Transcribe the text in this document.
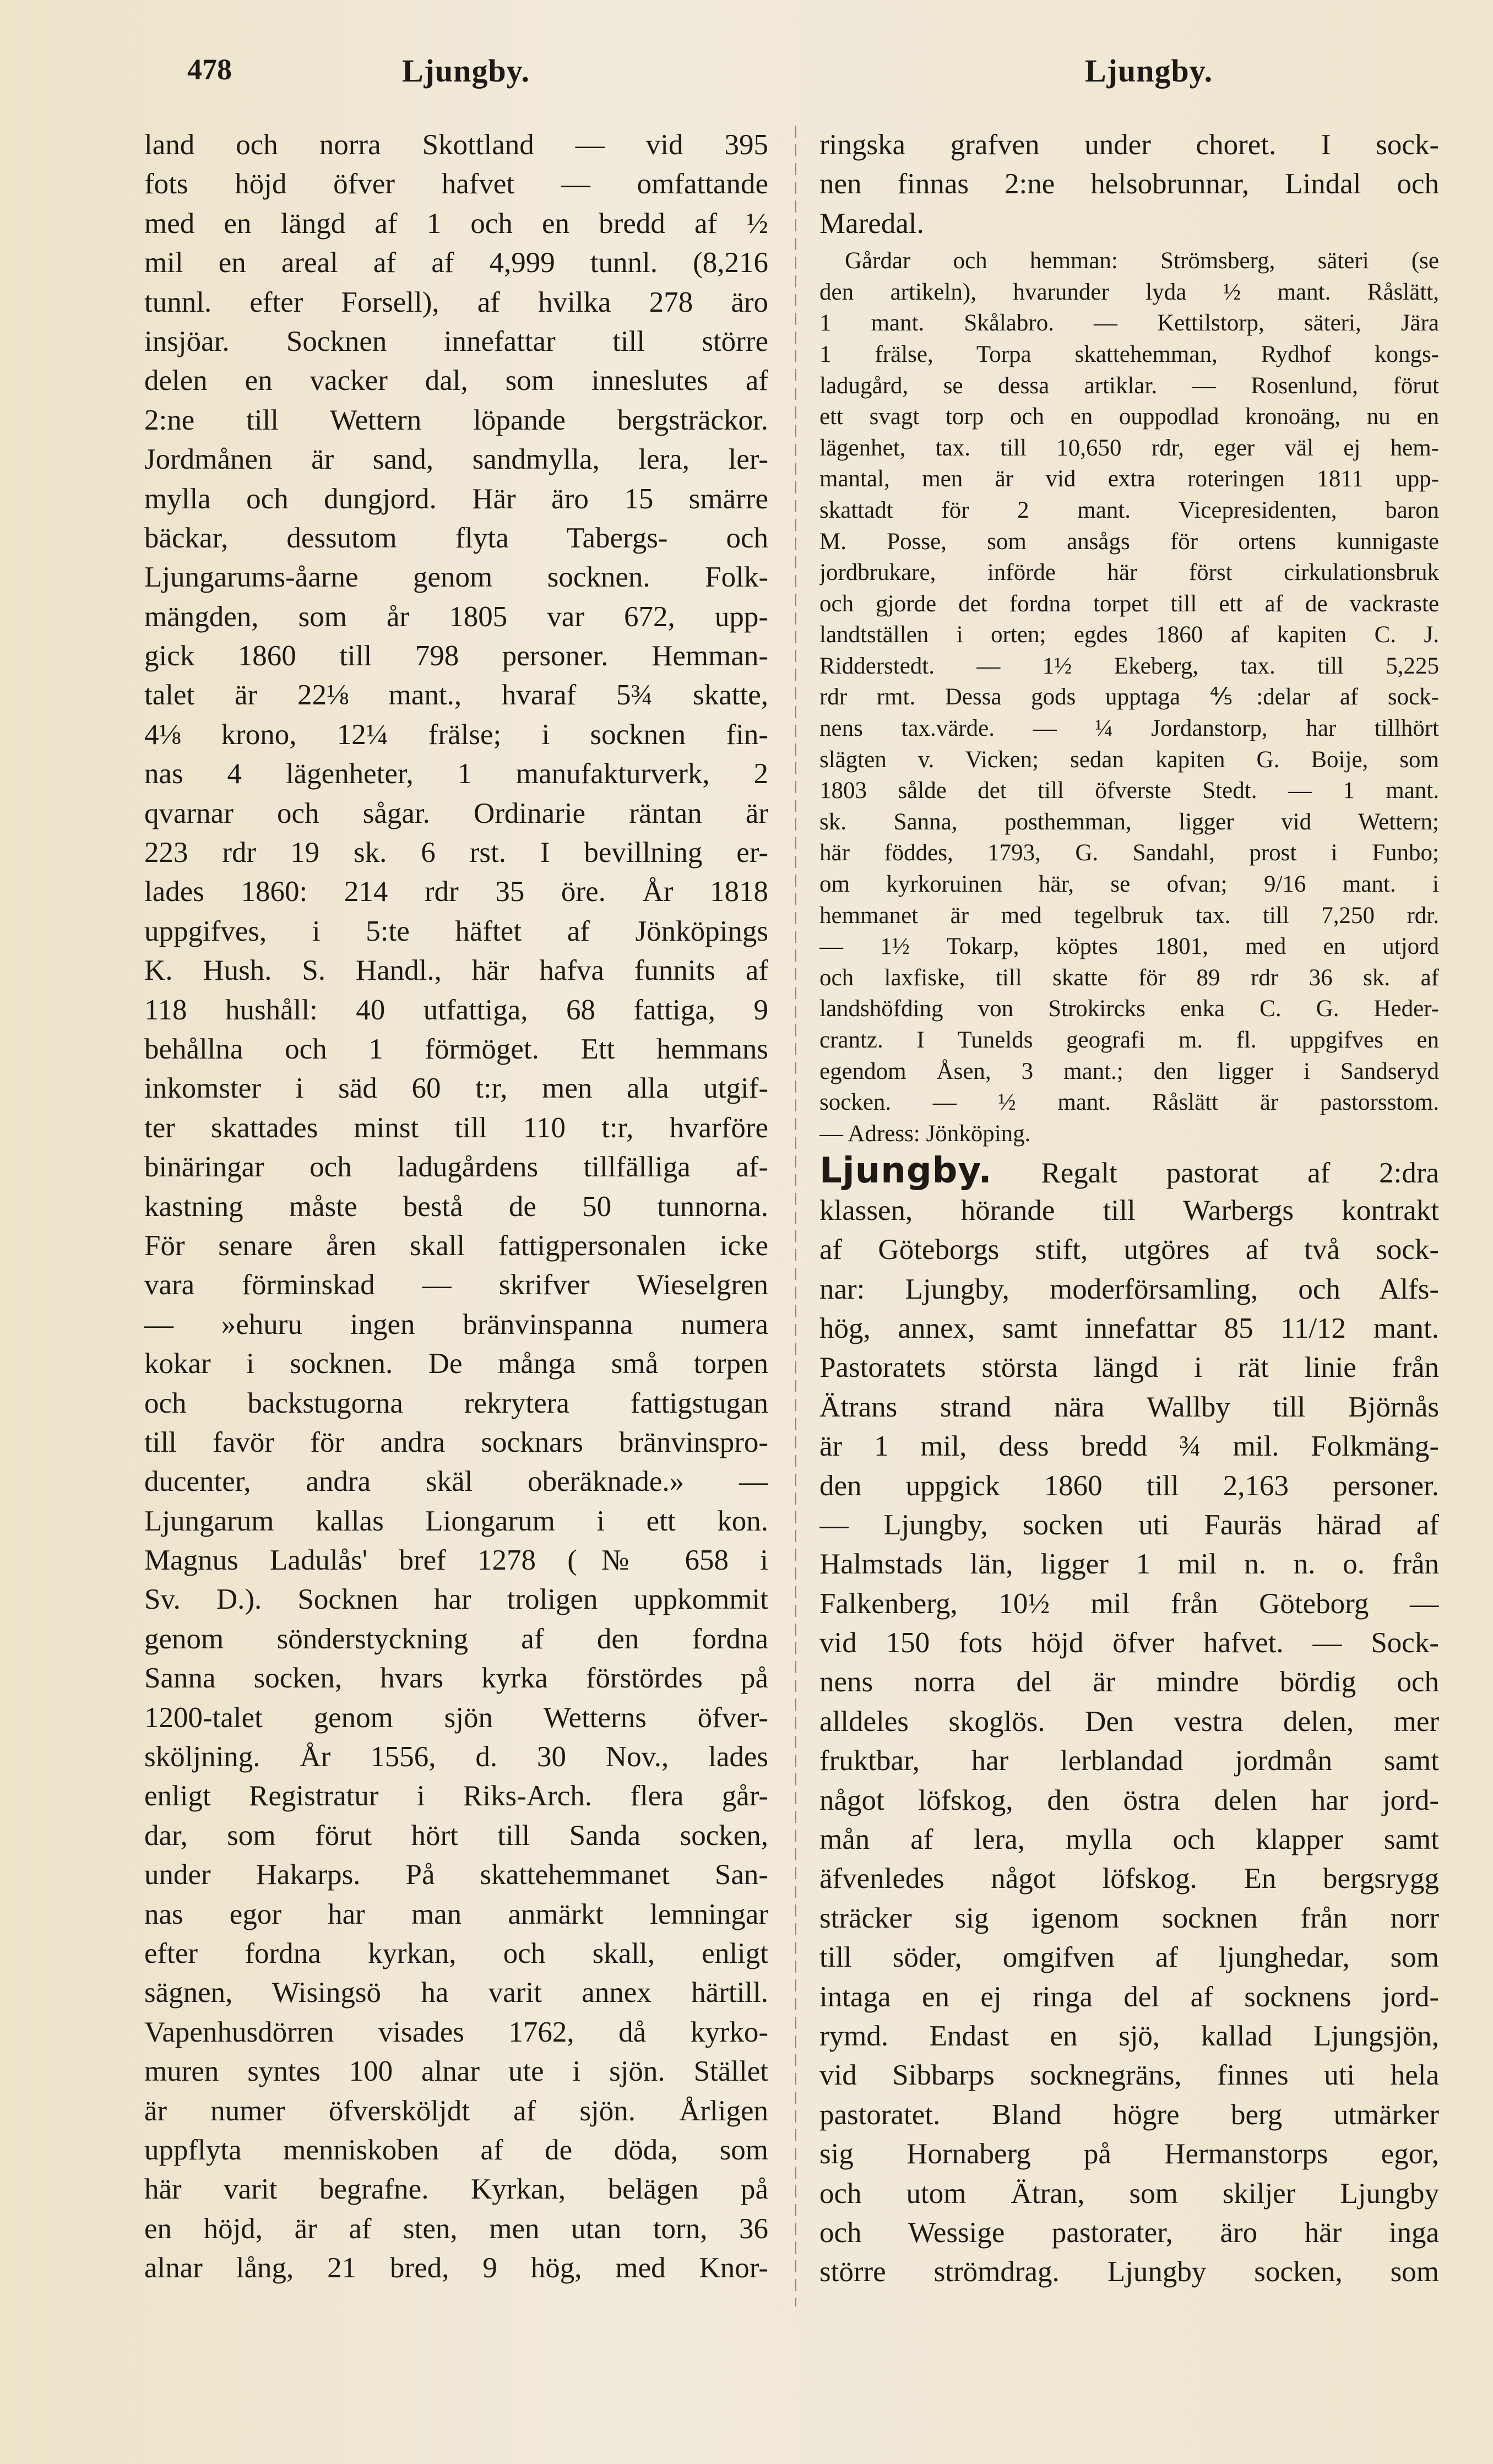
478	Ljungby.	Ljungby.
land och norra Skottland — vid 395
fots höjd öfver hafvet — omfattande
med en längd af 1 och en bredd af ½
mil en areal af af 4,999 tunnl. (8,216
tunnl. efter Forsell), af hvilka 278 äro
insjöar. Socknen innefattar till större
delen en vacker dal, som inneslutes af
2:ne till Wettern löpande bergsträckor.
Jordmånen är sand, sandmylla, lera, ler-
mylla och dungjord. Här äro 15 smärre
bäckar, dessutom flyta Tabergs- och
Ljungarums-åarne genom socknen. Folk-
mängden, som år 1805 var 672, upp-
gick 1860 till 798 personer. Hemman-
talet är 22⅛ mant., hvaraf 5¾ skatte,
4⅛ krono, 12¼ frälse; i socknen fin-
nas 4 lägenheter, 1 manufakturverk, 2
qvarnar och sågar. Ordinarie räntan är
223 rdr 19 sk. 6 rst. I bevillning er-
lades 1860: 214 rdr 35 öre. År 1818
uppgifves, i 5:te häftet af Jönköpings
K. Hush. S. Handl., här hafva funnits af
118 hushåll: 40 utfattiga, 68 fattiga, 9
behållna och 1 förmöget. Ett hemmans
inkomster i säd 60 t:r, men alla utgif-
ter skattades minst till 110 t:r, hvarföre
binäringar och ladugårdens tillfälliga af-
kastning måste bestå de 50 tunnorna.
För senare åren skall fattigpersonalen icke
vara förminskad — skrifver Wieselgren
— »ehuru ingen bränvinspanna numera
kokar i socknen. De många små torpen
och backstugorna rekrytera fattigstugan
till favör för andra socknars bränvinspro-
ducenter, andra skäl oberäknade.» —
Ljungarum kallas Liongarum i ett kon.
Magnus Ladulås' bref 1278 (№ 658 i
Sv. D.). Socknen har troligen uppkommit
genom sönderstyckning af den fordna
Sanna socken, hvars kyrka förstördes på
1200-talet genom sjön Wetterns öfver-
sköljning. År 1556, d. 30 Nov., lades
enligt Registratur i Riks-Arch. flera går-
dar, som förut hört till Sanda socken,
under Hakarps. På skattehemmanet San-
nas egor har man anmärkt lemningar
efter fordna kyrkan, och skall, enligt
sägnen, Wisingsö ha varit annex härtill.
Vapenhusdörren visades 1762, då kyrko-
muren syntes 100 alnar ute i sjön. Stället
är numer öfversköljdt af sjön. Årligen
uppflyta menniskoben af de döda, som
här varit begrafne. Kyrkan, belägen på
en höjd, är af sten, men utan torn, 36
alnar lång, 21 bred, 9 hög, med Knor-
ringska grafven under choret. I sock-
nen finnas 2:ne helsobrunnar, Lindal och
Maredal.
Gårdar och hemman: Strömsberg, säteri (se
den artikeln), hvarunder lyda ½ mant. Råslätt,
1 mant. Skålabro. — Kettilstorp, säteri, Jära
1 frälse, Torpa skattehemman, Rydhof kongs-
ladugård, se dessa artiklar. — Rosenlund, förut
ett svagt torp och en ouppodlad kronoäng, nu en
lägenhet, tax. till 10,650 rdr, eger väl ej hem-
mantal, men är vid extra roteringen 1811 upp-
skattadt för 2 mant. Vicepresidenten, baron
M. Posse, som ansågs för ortens kunnigaste
jordbrukare, införde här först cirkulationsbruk
och gjorde det fordna torpet till ett af de vackraste
landtställen i orten; egdes 1860 af kapiten C. J.
Ridderstedt. — 1½ Ekeberg, tax. till 5,225
rdr rmt. Dessa gods upptaga ⅘:delar af sock-
nens tax.värde. — ¼ Jordanstorp, har tillhört
slägten v. Vicken; sedan kapiten G. Boije, som
1803 sålde det till öfverste Stedt. — 1 mant.
sk. Sanna, posthemman, ligger vid Wettern;
här föddes, 1793, G. Sandahl, prost i Funbo;
om kyrkoruinen här, se ofvan; 9/16 mant. i
hemmanet är med tegelbruk tax. till 7,250 rdr.
— 1½ Tokarp, köptes 1801, med en utjord
och laxfiske, till skatte för 89 rdr 36 sk. af
landshöfding von Strokircks enka C. G. Heder-
crantz. I Tunelds geografi m. fl. uppgifves en
egendom Åsen, 3 mant.; den ligger i Sandseryd
socken. — ½ mant. Råslätt är pastorsstom.
— Adress: Jönköping.
Ljungby. Regalt pastorat af 2:dra
klassen, hörande till Warbergs kontrakt
af Göteborgs stift, utgöres af två sock-
nar: Ljungby, moderförsamling, och Alfs-
hög, annex, samt innefattar 85 11/12 mant.
Pastoratets största längd i rät linie från
Ätrans strand nära Wallby till Björnås
är 1 mil, dess bredd ¾ mil. Folkmäng-
den uppgick 1860 till 2,163 personer.
— Ljungby, socken uti Fauräs härad af
Halmstads län, ligger 1 mil n. n. o. från
Falkenberg, 10½ mil från Göteborg —
vid 150 fots höjd öfver hafvet. — Sock-
nens norra del är mindre bördig och
alldeles skoglös. Den vestra delen, mer
fruktbar, har lerblandad jordmån samt
något löfskog, den östra delen har jord-
mån af lera, mylla och klapper samt
äfvenledes något löfskog. En bergsrygg
sträcker sig igenom socknen från norr
till söder, omgifven af ljunghedar, som
intaga en ej ringa del af socknens jord-
rymd. Endast en sjö, kallad Ljungsjön,
vid Sibbarps socknegräns, finnes uti hela
pastoratet. Bland högre berg utmärker
sig Hornaberg på Hermanstorps egor,
och utom Ätran, som skiljer Ljungby
och Wessige pastorater, äro här inga
större strömdrag. Ljungby socken, som
